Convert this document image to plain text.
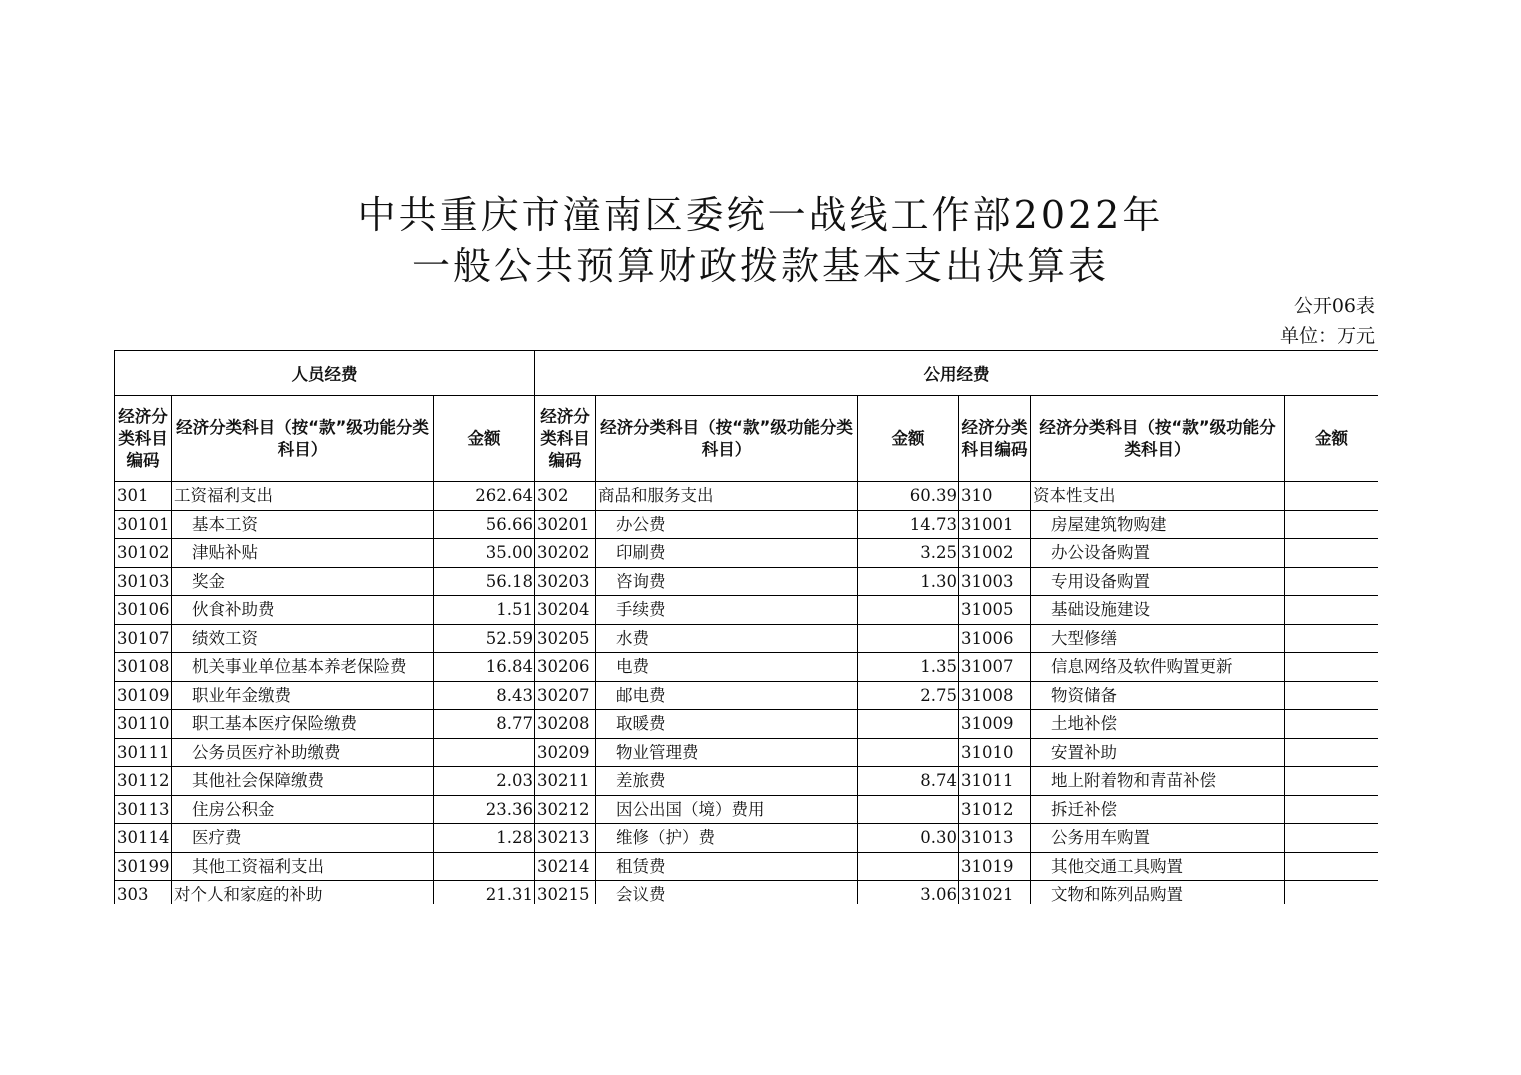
中共重庆市潼南区委统一战线工作部2022年
一般公共预算财政拨款基本支出决算表
公开06表
单位：万元
人员经费			公用经费					
经济分类科目编码	经济分类科目（按“款”级功能分类科目）	金额	经济分类科目编码	经济分类科目（按“款”级功能分类科目）	金额	经济分类科目编码	经济分类科目（按“款”级功能分类科目）	金额
301	工资福利支出	262.64	302	商品和服务支出	60.39	310	资本性支出	
30101	基本工资	56.66	30201	办公费	14.73	31001	房屋建筑物购建	
30102	津贴补贴	35.00	30202	印刷费	3.25	31002	办公设备购置	
30103	奖金	56.18	30203	咨询费	1.30	31003	专用设备购置	
30106	伙食补助费	1.51	30204	手续费		31005	基础设施建设	
30107	绩效工资	52.59	30205	水费		31006	大型修缮	
30108	机关事业单位基本养老保险费	16.84	30206	电费	1.35	31007	信息网络及软件购置更新	
30109	职业年金缴费	8.43	30207	邮电费	2.75	31008	物资储备	
30110	职工基本医疗保险缴费	8.77	30208	取暖费		31009	土地补偿	
30111	公务员医疗补助缴费		30209	物业管理费		31010	安置补助	
30112	其他社会保障缴费	2.03	30211	差旅费	8.74	31011	地上附着物和青苗补偿	
30113	住房公积金	23.36	30212	因公出国（境）费用		31012	拆迁补偿	
30114	医疗费	1.28	30213	维修（护）费	0.30	31013	公务用车购置	
30199	其他工资福利支出		30214	租赁费		31019	其他交通工具购置	
303	对个人和家庭的补助	21.31	30215	会议费	3.06	31021	文物和陈列品购置	
